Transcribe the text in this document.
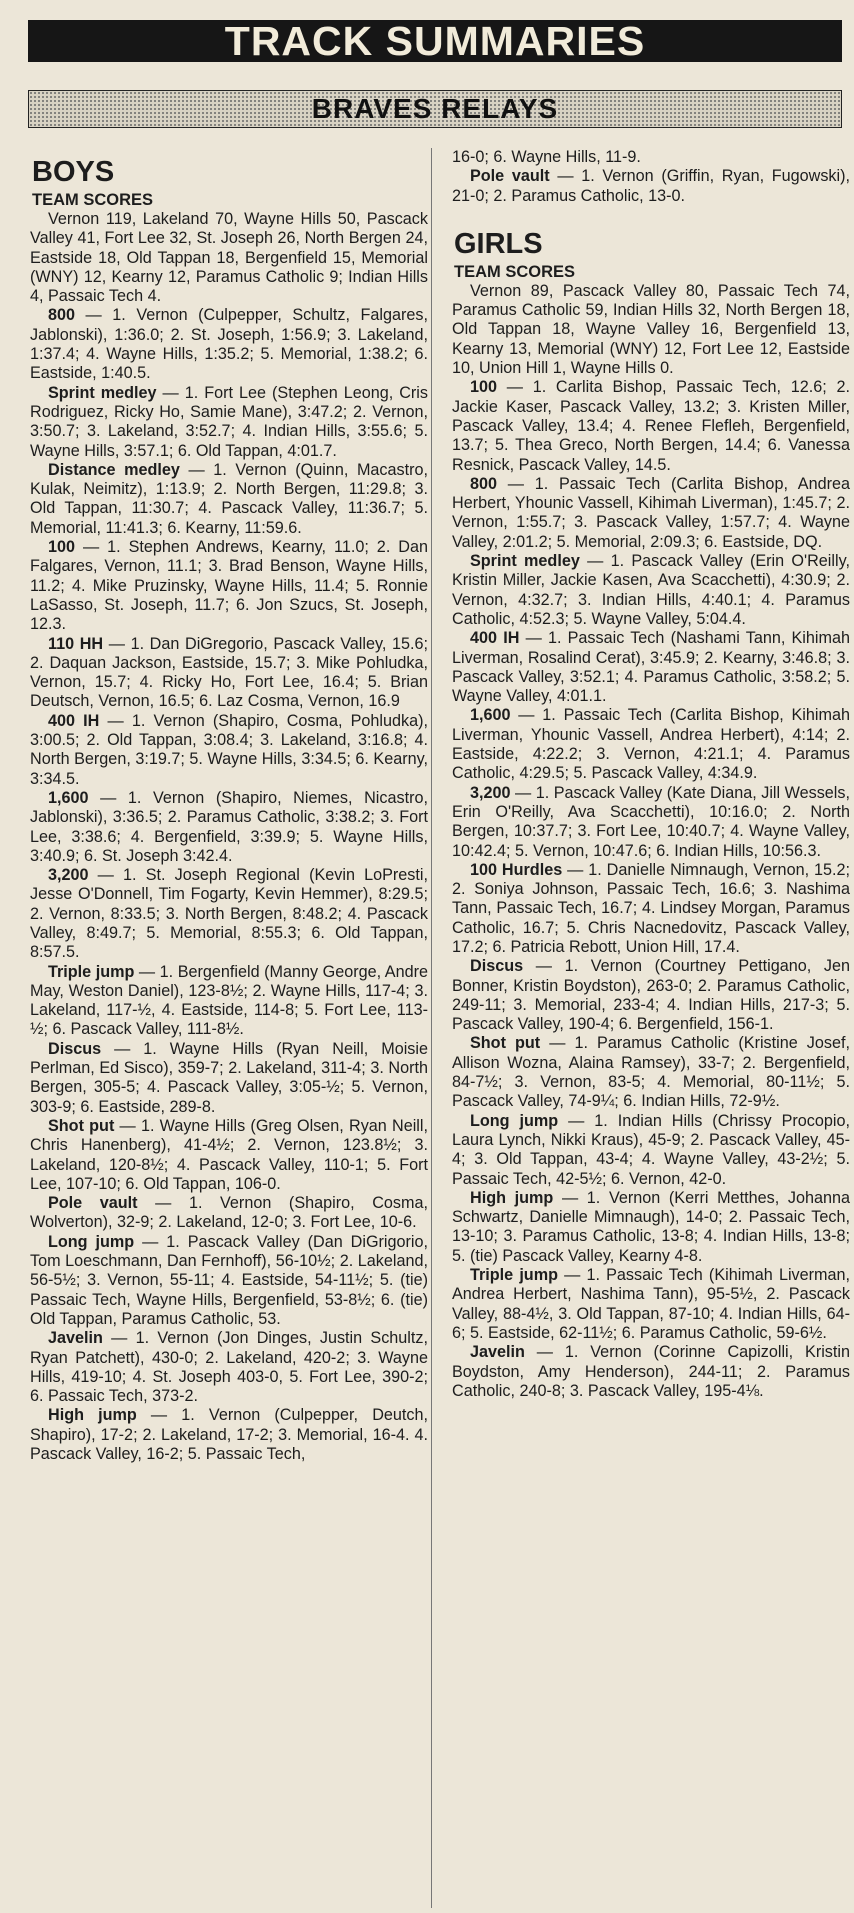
TRACK SUMMARIES
BRAVES RELAYS
BOYS
TEAM SCORES

Vernon 119, Lakeland 70, Wayne Hills 50, Pascack Valley 41, Fort Lee 32, St. Joseph 26, North Bergen 24, Eastside 18, Old Tappan 18, Bergenfield 15, Memorial (WNY) 12, Kearny 12, Paramus Catholic 9; Indian Hills 4, Passaic Tech 4.

800 — 1. Vernon (Culpepper, Schultz, Falgares, Jablonski), 1:36.0; 2. St. Joseph, 1:56.9; 3. Lakeland, 1:37.4; 4. Wayne Hills, 1:35.2; 5. Memorial, 1:38.2; 6. Eastside, 1:40.5.

Sprint medley — 1. Fort Lee (Stephen Leong, Cris Rodriguez, Ricky Ho, Samie Mane), 3:47.2; 2. Vernon, 3:50.7; 3. Lakeland, 3:52.7; 4. Indian Hills, 3:55.6; 5. Wayne Hills, 3:57.1; 6. Old Tappan, 4:01.7.

Distance medley — 1. Vernon (Quinn, Macastro, Kulak, Neimitz), 1:13.9; 2. North Bergen, 11:29.8; 3. Old Tappan, 11:30.7; 4. Pascack Valley, 11:36.7; 5. Memorial, 11:41.3; 6. Kearny, 11:59.6.

100 — 1. Stephen Andrews, Kearny, 11.0; 2. Dan Falgares, Vernon, 11.1; 3. Brad Benson, Wayne Hills, 11.2; 4. Mike Pruzinsky, Wayne Hills, 11.4; 5. Ronnie LaSasso, St. Joseph, 11.7; 6. Jon Szucs, St. Joseph, 12.3.

110 HH — 1. Dan DiGregorio, Pascack Valley, 15.6; 2. Daquan Jackson, Eastside, 15.7; 3. Mike Pohludka, Vernon, 15.7; 4. Ricky Ho, Fort Lee, 16.4; 5. Brian Deutsch, Vernon, 16.5; 6. Laz Cosma, Vernon, 16.9

400 IH — 1. Vernon (Shapiro, Cosma, Pohludka), 3:00.5; 2. Old Tappan, 3:08.4; 3. Lakeland, 3:16.8; 4. North Bergen, 3:19.7; 5. Wayne Hills, 3:34.5; 6. Kearny, 3:34.5.

1,600 — 1. Vernon (Shapiro, Niemes, Nicastro, Jablonski), 3:36.5; 2. Paramus Catholic, 3:38.2; 3. Fort Lee, 3:38.6; 4. Bergenfield, 3:39.9; 5. Wayne Hills, 3:40.9; 6. St. Joseph 3:42.4.

3,200 — 1. St. Joseph Regional (Kevin LoPresti, Jesse O'Donnell, Tim Fogarty, Kevin Hemmer), 8:29.5; 2. Vernon, 8:33.5; 3. North Bergen, 8:48.2; 4. Pascack Valley, 8:49.7; 5. Memorial, 8:55.3; 6. Old Tappan, 8:57.5.

Triple jump — 1. Bergenfield (Manny George, Andre May, Weston Daniel), 123-8½; 2. Wayne Hills, 117-4; 3. Lakeland, 117-½, 4. Eastside, 114-8; 5. Fort Lee, 113-½; 6. Pascack Valley, 111-8½.

Discus — 1. Wayne Hills (Ryan Neill, Moisie Perlman, Ed Sisco), 359-7; 2. Lakeland, 311-4; 3. North Bergen, 305-5; 4. Pascack Valley, 3:05-½; 5. Vernon, 303-9; 6. Eastside, 289-8.

Shot put — 1. Wayne Hills (Greg Olsen, Ryan Neill, Chris Hanenberg), 41-4½; 2. Vernon, 123.8½; 3. Lakeland, 120-8½; 4. Pascack Valley, 110-1; 5. Fort Lee, 107-10; 6. Old Tappan, 106-0.

Pole vault — 1. Vernon (Shapiro, Cosma, Wolverton), 32-9; 2. Lakeland, 12-0; 3. Fort Lee, 10-6.

Long jump — 1. Pascack Valley (Dan DiGrigorio, Tom Loeschmann, Dan Fernhoff), 56-10½; 2. Lakeland, 56-5½; 3. Vernon, 55-11; 4. Eastside, 54-11½; 5. (tie) Passaic Tech, Wayne Hills, Bergenfield, 53-8½; 6. (tie) Old Tappan, Paramus Catholic, 53.

Javelin — 1. Vernon (Jon Dinges, Justin Schultz, Ryan Patchett), 430-0; 2. Lakeland, 420-2; 3. Wayne Hills, 419-10; 4. St. Joseph 403-0, 5. Fort Lee, 390-2; 6. Passaic Tech, 373-2.

High jump — 1. Vernon (Culpepper, Deutch, Shapiro), 17-2; 2. Lakeland, 17-2; 3. Memorial, 16-4. 4. Pascack Valley, 16-2; 5. Passaic Tech,

16-0; 6. Wayne Hills, 11-9.

Pole vault — 1. Vernon (Griffin, Ryan, Fugowski), 21-0; 2. Paramus Catholic, 13-0.

GIRLS
TEAM SCORES

Vernon 89, Pascack Valley 80, Passaic Tech 74, Paramus Catholic 59, Indian Hills 32, North Bergen 18, Old Tappan 18, Wayne Valley 16, Bergenfield 13, Kearny 13, Memorial (WNY) 12, Fort Lee 12, Eastside 10, Union Hill 1, Wayne Hills 0.

100 — 1. Carlita Bishop, Passaic Tech, 12.6; 2. Jackie Kaser, Pascack Valley, 13.2; 3. Kristen Miller, Pascack Valley, 13.4; 4. Renee Flefleh, Bergenfield, 13.7; 5. Thea Greco, North Bergen, 14.4; 6. Vanessa Resnick, Pascack Valley, 14.5.

800 — 1. Passaic Tech (Carlita Bishop, Andrea Herbert, Yhounic Vassell, Kihimah Liverman), 1:45.7; 2. Vernon, 1:55.7; 3. Pascack Valley, 1:57.7; 4. Wayne Valley, 2:01.2; 5. Memorial, 2:09.3; 6. Eastside, DQ.

Sprint medley — 1. Pascack Valley (Erin O'Reilly, Kristin Miller, Jackie Kasen, Ava Scacchetti), 4:30.9; 2. Vernon, 4:32.7; 3. Indian Hills, 4:40.1; 4. Paramus Catholic, 4:52.3; 5. Wayne Valley, 5:04.4.

400 IH — 1. Passaic Tech (Nashami Tann, Kihimah Liverman, Rosalind Cerat), 3:45.9; 2. Kearny, 3:46.8; 3. Pascack Valley, 3:52.1; 4. Paramus Catholic, 3:58.2; 5. Wayne Valley, 4:01.1.

1,600 — 1. Passaic Tech (Carlita Bishop, Kihimah Liverman, Yhounic Vassell, Andrea Herbert), 4:14; 2. Eastside, 4:22.2; 3. Vernon, 4:21.1; 4. Paramus Catholic, 4:29.5; 5. Pascack Valley, 4:34.9.

3,200 — 1. Pascack Valley (Kate Diana, Jill Wessels, Erin O'Reilly, Ava Scacchetti), 10:16.0; 2. North Bergen, 10:37.7; 3. Fort Lee, 10:40.7; 4. Wayne Valley, 10:42.4; 5. Vernon, 10:47.6; 6. Indian Hills, 10:56.3.

100 Hurdles — 1. Danielle Nimnaugh, Vernon, 15.2; 2. Soniya Johnson, Passaic Tech, 16.6; 3. Nashima Tann, Passaic Tech, 16.7; 4. Lindsey Morgan, Paramus Catholic, 16.7; 5. Chris Nacnedovitz, Pascack Valley, 17.2; 6. Patricia Rebott, Union Hill, 17.4.

Discus — 1. Vernon (Courtney Pettigano, Jen Bonner, Kristin Boydston), 263-0; 2. Paramus Catholic, 249-11; 3. Memorial, 233-4; 4. Indian Hills, 217-3; 5. Pascack Valley, 190-4; 6. Bergenfield, 156-1.

Shot put — 1. Paramus Catholic (Kristine Josef, Allison Wozna, Alaina Ramsey), 33-7; 2. Bergenfield, 84-7½; 3. Vernon, 83-5; 4. Memorial, 80-11½; 5. Pascack Valley, 74-9¼; 6. Indian Hills, 72-9½.

Long jump — 1. Indian Hills (Chrissy Procopio, Laura Lynch, Nikki Kraus), 45-9; 2. Pascack Valley, 45-4; 3. Old Tappan, 43-4; 4. Wayne Valley, 43-2½; 5. Passaic Tech, 42-5½; 6. Vernon, 42-0.

High jump — 1. Vernon (Kerri Metthes, Johanna Schwartz, Danielle Mimnaugh), 14-0; 2. Passaic Tech, 13-10; 3. Paramus Catholic, 13-8; 4. Indian Hills, 13-8; 5. (tie) Pascack Valley, Kearny 4-8.

Triple jump — 1. Passaic Tech (Kihimah Liverman, Andrea Herbert, Nashima Tann), 95-5½, 2. Pascack Valley, 88-4½, 3. Old Tappan, 87-10; 4. Indian Hills, 64-6; 5. Eastside, 62-11½; 6. Paramus Catholic, 59-6½.

Javelin — 1. Vernon (Corinne Capizolli, Kristin Boydston, Amy Henderson), 244-11; 2. Paramus Catholic, 240-8; 3. Pascack Valley, 195-4⅛.
